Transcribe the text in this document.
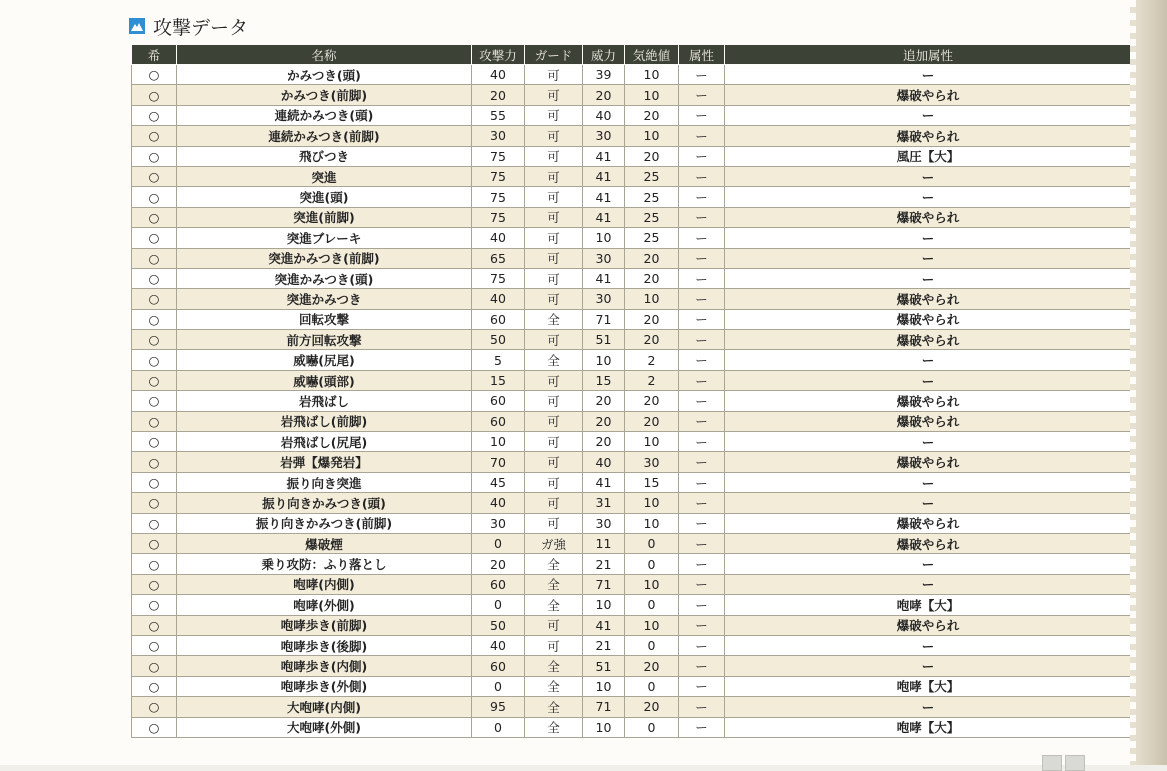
攻撃データ
希	名称	攻撃力	ガード	威力	気絶値	属性	追加属性
○	かみつき(頭)	40	可	39	10	ー	ー
○	かみつき(前脚)	20	可	20	10	ー	爆破やられ
○	連続かみつき(頭)	55	可	40	20	ー	ー
○	連続かみつき(前脚)	30	可	30	10	ー	爆破やられ
○	飛びつき	75	可	41	20	ー	風圧【大】
○	突進	75	可	41	25	ー	ー
○	突進(頭)	75	可	41	25	ー	ー
○	突進(前脚)	75	可	41	25	ー	爆破やられ
○	突進ブレーキ	40	可	10	25	ー	ー
○	突進かみつき(前脚)	65	可	30	20	ー	ー
○	突進かみつき(頭)	75	可	41	20	ー	ー
○	突進かみつき	40	可	30	10	ー	爆破やられ
○	回転攻撃	60	全	71	20	ー	爆破やられ
○	前方回転攻撃	50	可	51	20	ー	爆破やられ
○	威嚇(尻尾)	5	全	10	2	ー	ー
○	威嚇(頭部)	15	可	15	2	ー	ー
○	岩飛ばし	60	可	20	20	ー	爆破やられ
○	岩飛ばし(前脚)	60	可	20	20	ー	爆破やられ
○	岩飛ばし(尻尾)	10	可	20	10	ー	ー
○	岩弾【爆発岩】	70	可	40	30	ー	爆破やられ
○	振り向き突進	45	可	41	15	ー	ー
○	振り向きかみつき(頭)	40	可	31	10	ー	ー
○	振り向きかみつき(前脚)	30	可	30	10	ー	爆破やられ
○	爆破煙	0	ガ強	11	0	ー	爆破やられ
○	乗り攻防：ふり落とし	20	全	21	0	ー	ー
○	咆哮(内側)	60	全	71	10	ー	ー
○	咆哮(外側)	0	全	10	0	ー	咆哮【大】
○	咆哮歩き(前脚)	50	可	41	10	ー	爆破やられ
○	咆哮歩き(後脚)	40	可	21	0	ー	ー
○	咆哮歩き(内側)	60	全	51	20	ー	ー
○	咆哮歩き(外側)	0	全	10	0	ー	咆哮【大】
○	大咆哮(内側)	95	全	71	20	ー	ー
○	大咆哮(外側)	0	全	10	0	ー	咆哮【大】
